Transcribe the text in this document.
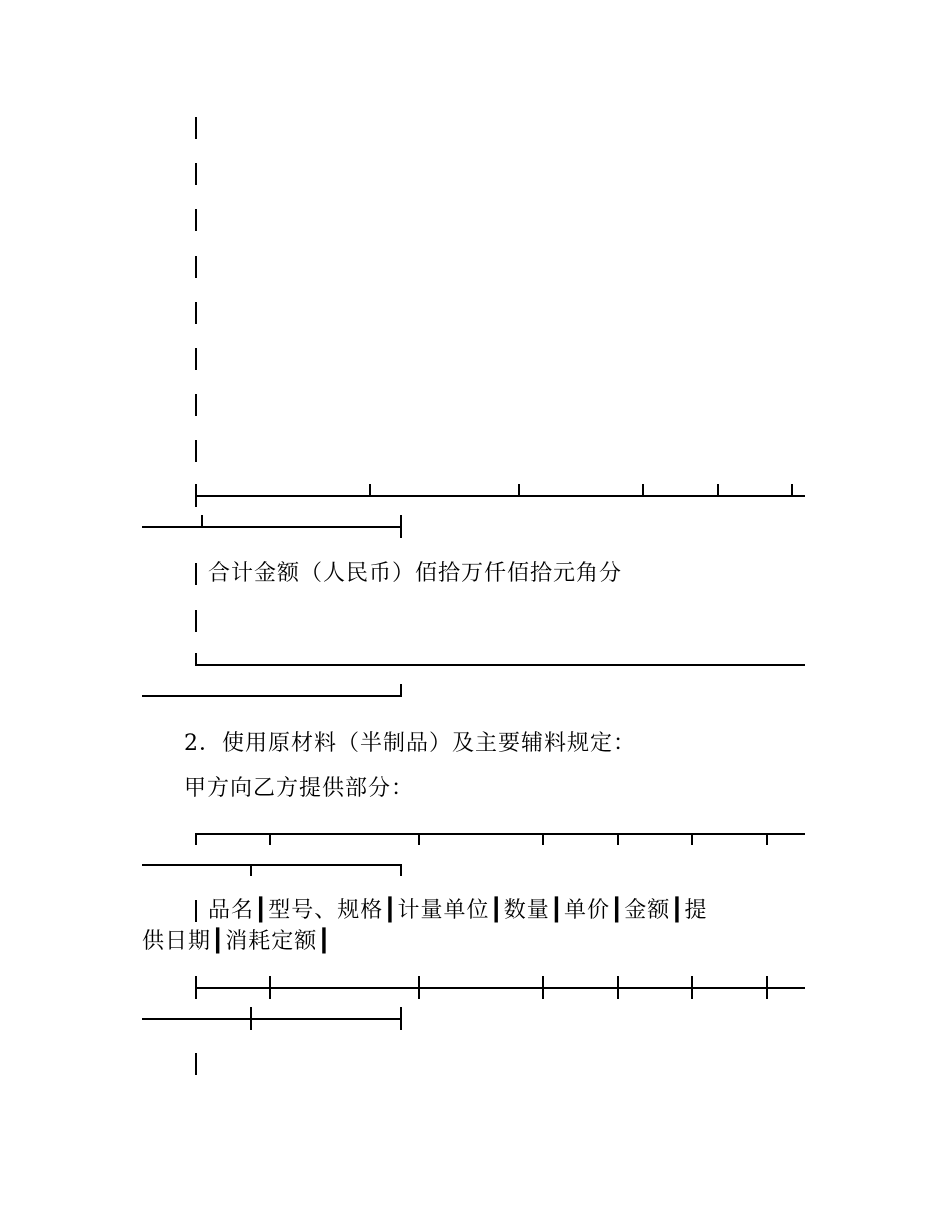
合计金额（人民币）佰拾万仟佰拾元角分
2．使用原材料（半制品）及主要辅料规定：
甲方向乙方提供部分：
品名┃型号、规格┃计量单位┃数量┃单价┃金额┃提
供日期┃消耗定额┃
